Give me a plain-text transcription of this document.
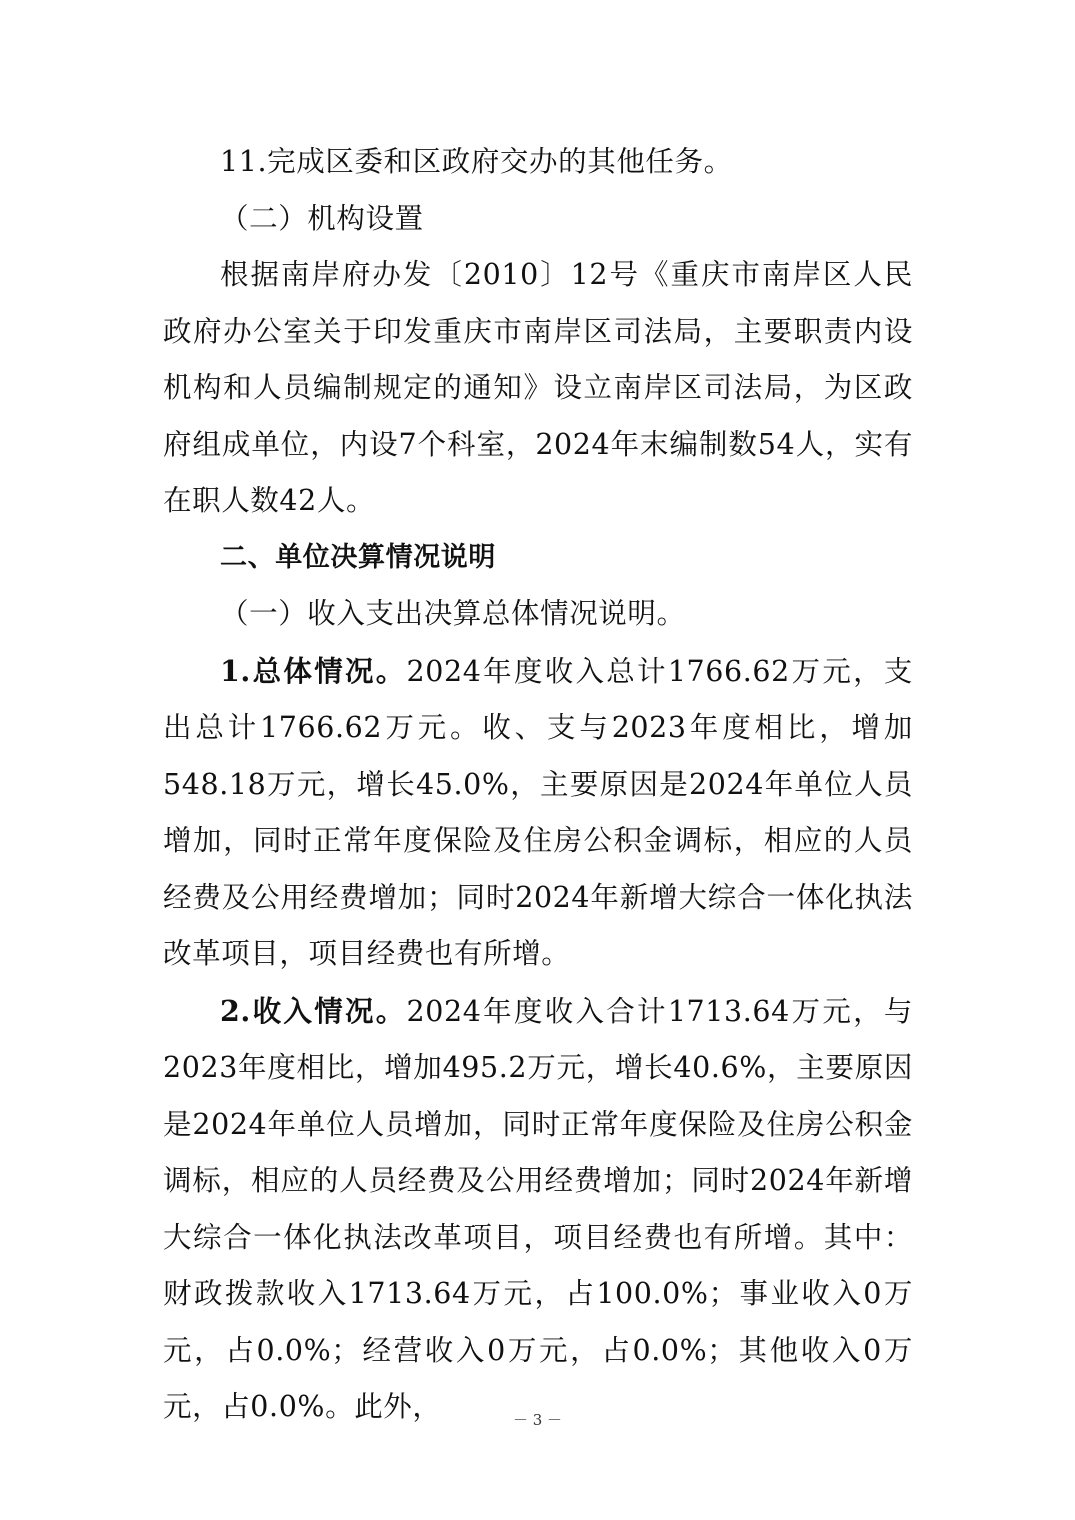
11.完成区委和区政府交办的其他任务。

（二）机构设置

根据南岸府办发〔2010〕12号《重庆市南岸区人民政府办公室关于印发重庆市南岸区司法局，主要职责内设机构和人员编制规定的通知》设立南岸区司法局，为区政府组成单位，内设7个科室，2024年末编制数54人，实有在职人数42人。

二、单位决算情况说明

（一）收入支出决算总体情况说明。

1.总体情况。2024年度收入总计1766.62万元，支出总计1766.62万元。收、支与2023年度相比，增加548.18万元，增长45.0%，主要原因是2024年单位人员增加，同时正常年度保险及住房公积金调标，相应的人员经费及公用经费增加；同时2024年新增大综合一体化执法改革项目，项目经费也有所增。

2.收入情况。2024年度收入合计1713.64万元，与2023年度相比，增加495.2万元，增长40.6%，主要原因是2024年单位人员增加，同时正常年度保险及住房公积金调标，相应的人员经费及公用经费增加；同时2024年新增大综合一体化执法改革项目，项目经费也有所增。其中：财政拨款收入1713.64万元，占100.0%；事业收入0万元，占0.0%；经营收入0万元，占0.0%；其他收入0万元，占0.0%。此外，	－ 3 －
